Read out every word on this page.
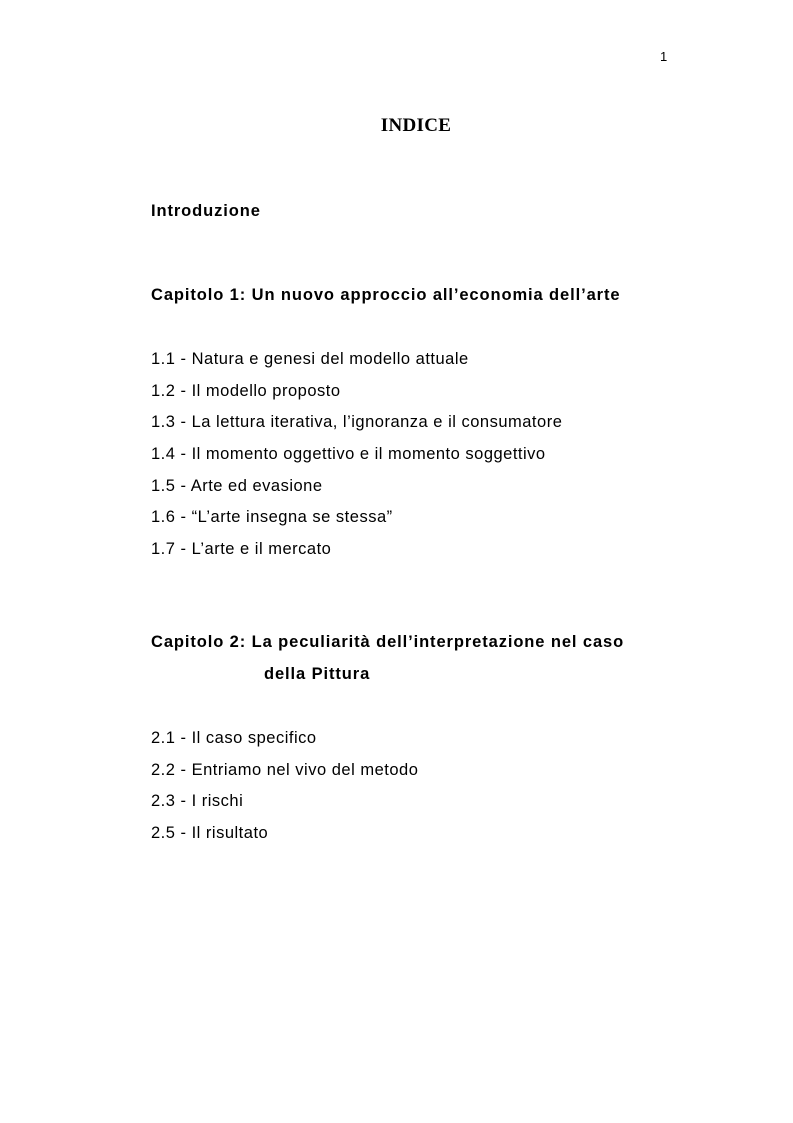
1
INDICE
Introduzione
Capitolo 1: Un nuovo approccio all’economia dell’arte
1.1 - Natura e genesi del modello attuale
1.2 - Il modello proposto
1.3 - La lettura iterativa, l’ignoranza e il consumatore
1.4 - Il momento oggettivo e il momento soggettivo
1.5 - Arte ed evasione
1.6 - “L’arte insegna se stessa”
1.7 - L’arte e il mercato
Capitolo 2: La peculiarità dell’interpretazione nel caso
della Pittura
2.1 - Il caso specifico
2.2 - Entriamo nel vivo del metodo
2.3 - I rischi
2.5 - Il risultato
